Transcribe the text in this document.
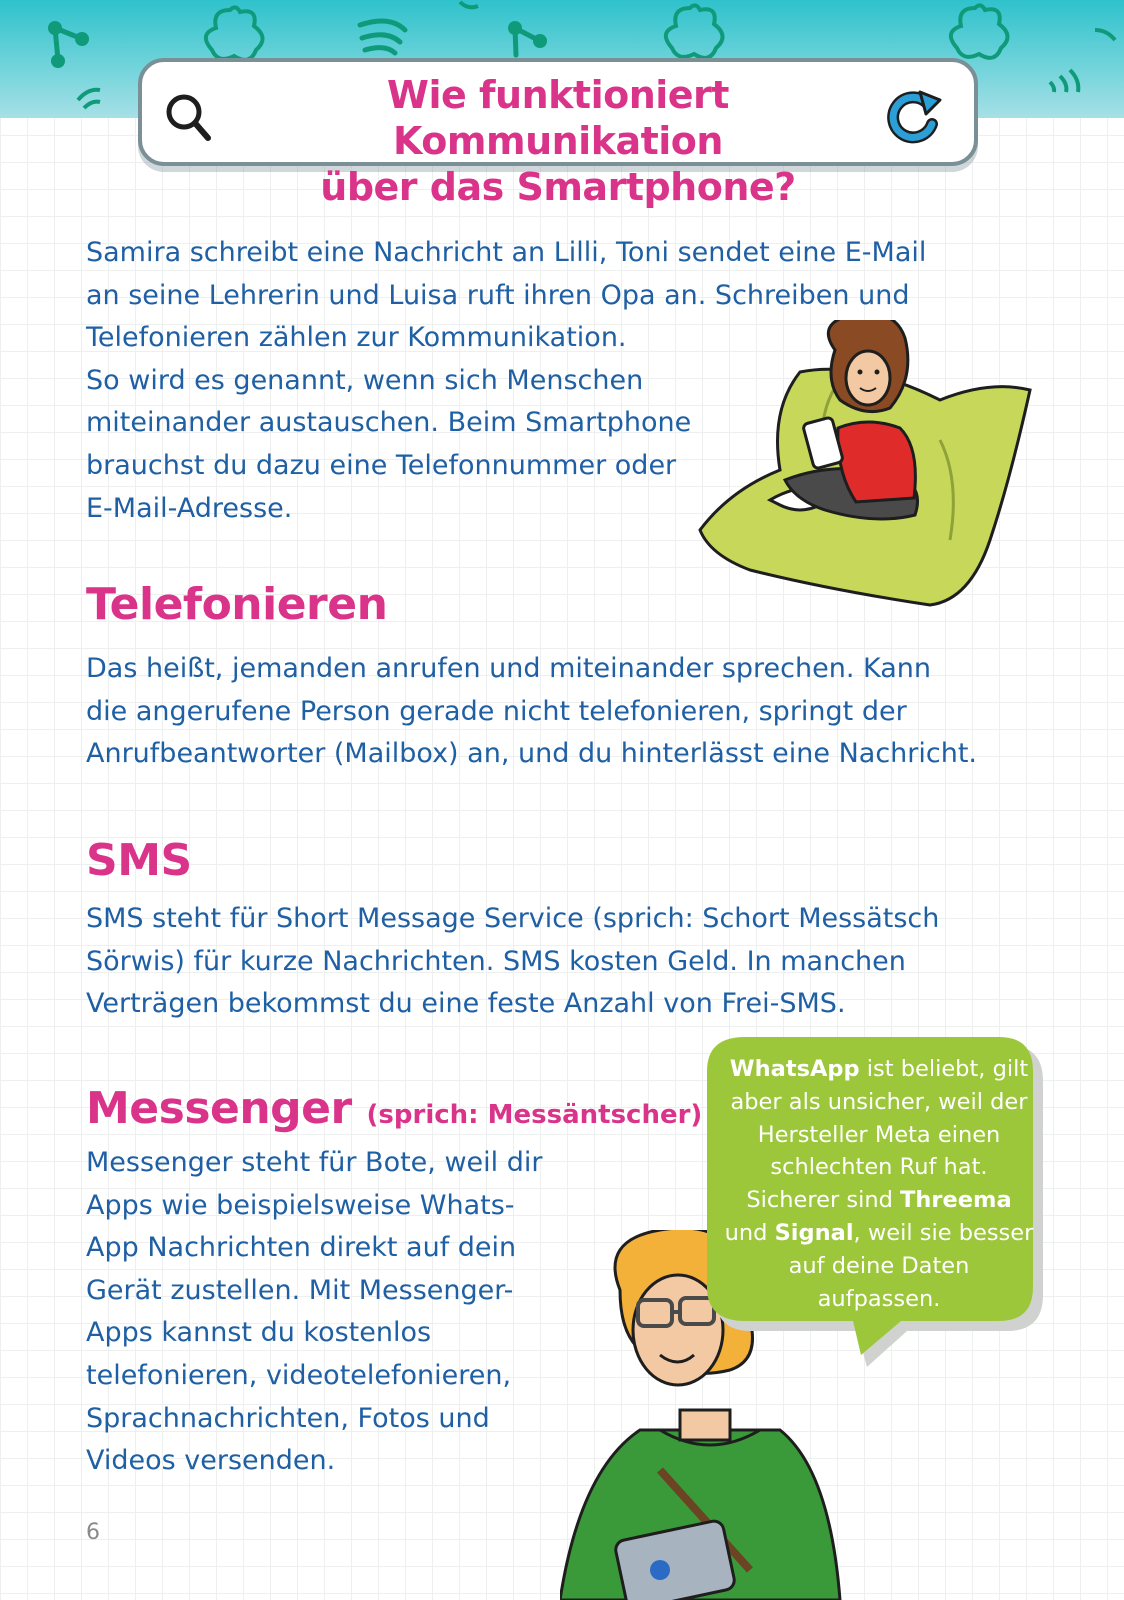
Wie funktioniert Kommunikation
über das Smartphone?
Samira schreibt eine Nachricht an Lilli, Toni sendet eine E-Mail
an seine Lehrerin und Luisa ruft ihren Opa an. Schreiben und
Telefonieren zählen zur Kommunikation.
So wird es genannt, wenn sich Menschen
miteinander austauschen. Beim Smartphone
brauchst du dazu eine Telefonnummer oder
E-Mail-Adresse.
Telefonieren
Das heißt, jemanden anrufen und miteinander sprechen. Kann
die angerufene Person gerade nicht telefonieren, springt der
Anrufbeantworter (Mailbox) an, und du hinterlässt eine Nachricht.
SMS
SMS steht für Short Message Service (sprich: Schort Messätsch
Sörwis) für kurze Nachrichten. SMS kosten Geld. In manchen
Verträgen bekommst du eine feste Anzahl von Frei-SMS.
Messenger (sprich: Messäntscher)
Messenger steht für Bote, weil dir
Apps wie beispielsweise Whats-
App Nachrichten direkt auf dein
Gerät zustellen. Mit Messenger-
Apps kannst du kostenlos
telefonieren, videotelefonieren,
Sprachnachrichten, Fotos und
Videos versenden.
WhatsApp ist beliebt, gilt aber als unsicher, weil der Hersteller Meta einen schlechten Ruf hat. Sicherer sind Threema und Signal, weil sie besser auf deine Daten aufpassen.
6
